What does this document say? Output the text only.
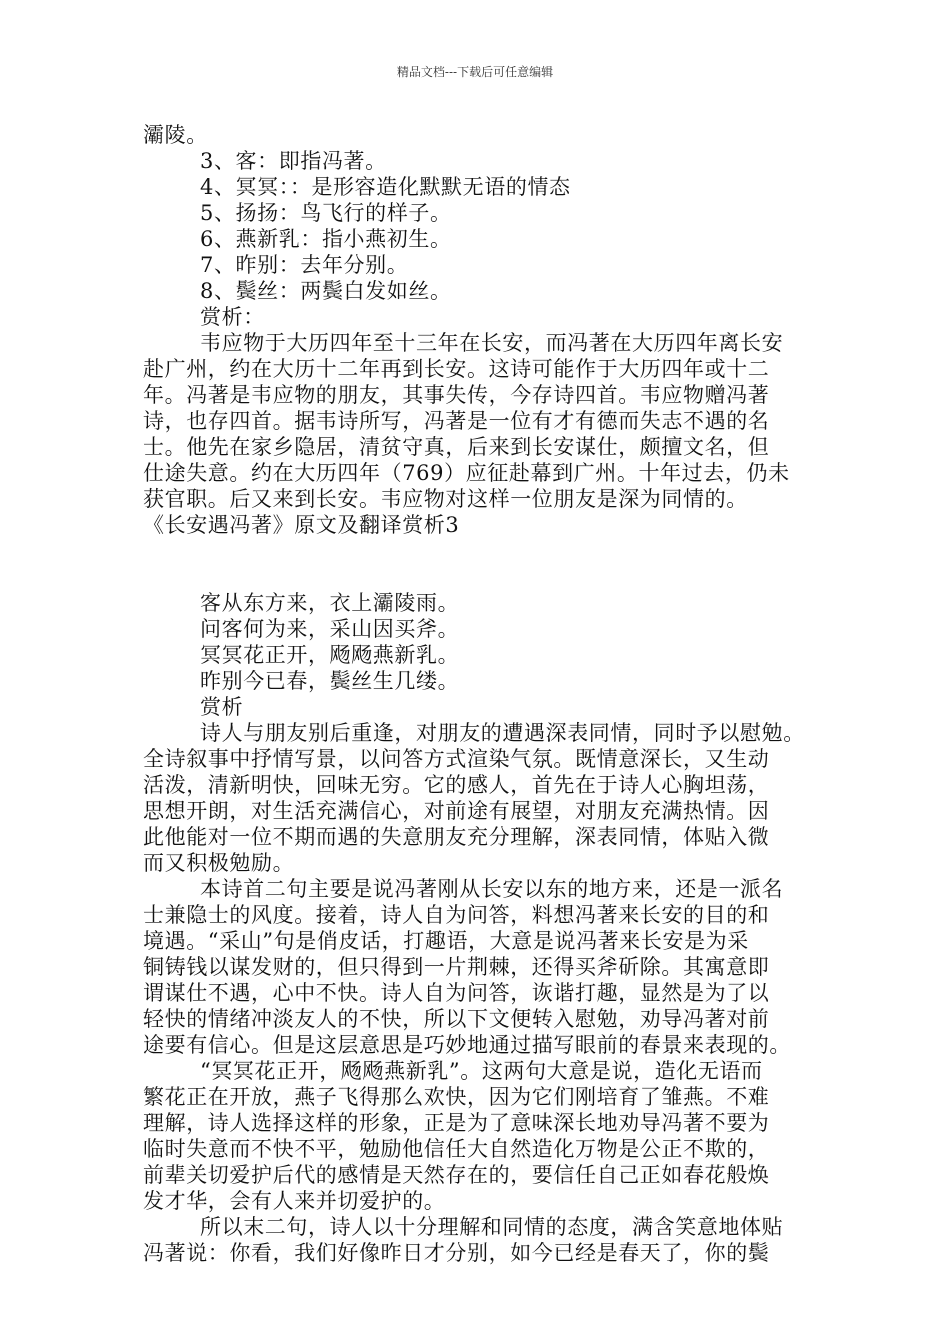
精品文档---下载后可任意编辑
灞陵。
3、客：即指冯著。
4、冥冥：：是形容造化默默无语的情态
5、扬扬：鸟飞行的样子。
6、燕新乳：指小燕初生。
7、昨别：去年分别。
8、鬓丝：两鬓白发如丝。
赏析：
韦应物于大历四年至十三年在长安，而冯著在大历四年离长安
赴广州，约在大历十二年再到长安。这诗可能作于大历四年或十二
年。冯著是韦应物的朋友，其事失传，今存诗四首。韦应物赠冯著
诗，也存四首。据韦诗所写，冯著是一位有才有德而失志不遇的名
士。他先在家乡隐居，清贫守真，后来到长安谋仕，颇擅文名，但
仕途失意。约在大历四年（769）应征赴幕到广州。十年过去，仍未
获官职。后又来到长安。韦应物对这样一位朋友是深为同情的。
《长安遇冯著》原文及翻译赏析3
客从东方来，衣上灞陵雨。
问客何为来，采山因买斧。
冥冥花正开，飏飏燕新乳。
昨别今已春，鬓丝生几缕。
赏析
诗人与朋友别后重逢，对朋友的遭遇深表同情，同时予以慰勉。
全诗叙事中抒情写景，以问答方式渲染气氛。既情意深长，又生动
活泼，清新明快，回味无穷。它的感人，首先在于诗人心胸坦荡，
思想开朗，对生活充满信心，对前途有展望，对朋友充满热情。因
此他能对一位不期而遇的失意朋友充分理解，深表同情，体贴入微
而又积极勉励。
本诗首二句主要是说冯著刚从长安以东的地方来，还是一派名
士兼隐士的风度。接着，诗人自为问答，料想冯著来长安的目的和
境遇。“采山”句是俏皮话，打趣语，大意是说冯著来长安是为采
铜铸钱以谋发财的，但只得到一片荆棘，还得买斧斫除。其寓意即
谓谋仕不遇，心中不快。诗人自为问答，诙谐打趣，显然是为了以
轻快的情绪冲淡友人的不快，所以下文便转入慰勉，劝导冯著对前
途要有信心。但是这层意思是巧妙地通过描写眼前的春景来表现的。
“冥冥花正开，飏飏燕新乳”。这两句大意是说，造化无语而
繁花正在开放，燕子飞得那么欢快，因为它们刚培育了雏燕。不难
理解，诗人选择这样的形象，正是为了意味深长地劝导冯著不要为
临时失意而不快不平，勉励他信任大自然造化万物是公正不欺的，
前辈关切爱护后代的感情是天然存在的，要信任自己正如春花般焕
发才华，会有人来并切爱护的。
所以末二句，诗人以十分理解和同情的态度，满含笑意地体贴
冯著说：你看，我们好像昨日才分别，如今已经是春天了，你的鬓
